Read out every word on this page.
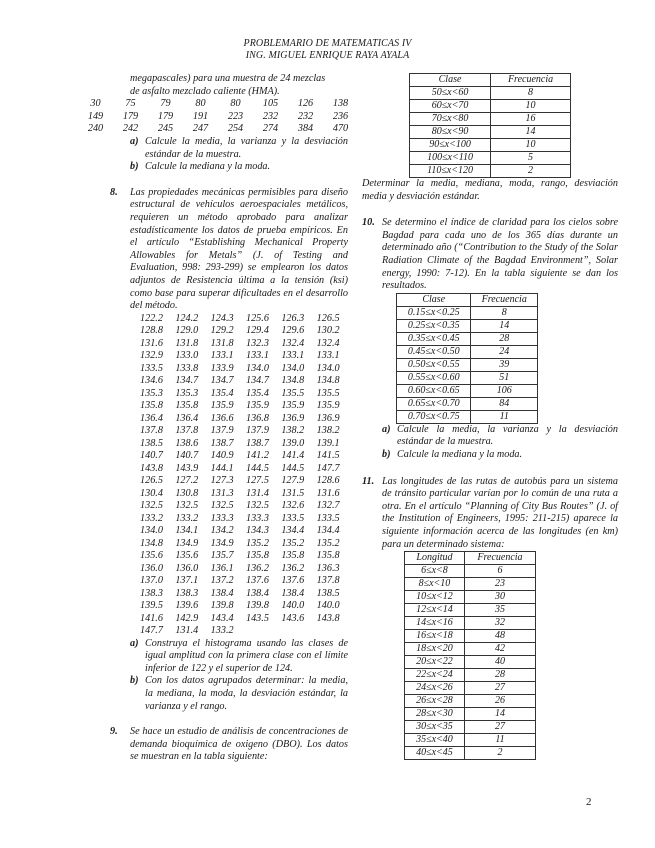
PROBLEMARIO DE MATEMATICAS IV
ING. MIGUEL ENRIQUE RAYA AYALA
megapascales) para una muestra de 24 mezclas
de asfalto mezclado caliente (HMA).
30	75	79	80	80	105	126	138
149	179	179	191	223	232	232	236
240	242	245	247	254	274	384	470
a) Calcule la media, la varianza y la desviación estándar de la muestra.
b) Calcule la mediana y la moda.
8. Las propiedades mecánicas permisibles para diseño estructural de vehículos aeroespaciales metálicos, requieren un método aprobado para analizar estadísticamente los datos de prueba empíricos. En el artículo “Establishing Mechanical Property Allowables for Metals” (J. of Testing and Evaluation, 998: 293-299) se emplearon los datos adjuntos de Resistencia última a la tensión (ksi) como base para superar dificultades en el desarrollo del método.
122.2	124.2	124.3	125.6	126.3	126.5
128.8	129.0	129.2	129.4	129.6	130.2
131.6	131.8	131.8	132.3	132.4	132.4
132.9	133.0	133.1	133.1	133.1	133.1
133.5	133.8	133.9	134.0	134.0	134.0
134.6	134.7	134.7	134.7	134.8	134.8
135.3	135.3	135.4	135.4	135.5	135.5
135.8	135.8	135.9	135.9	135.9	135.9
136.4	136.4	136.6	136.8	136.9	136.9
137.8	137.8	137.9	137.9	138.2	138.2
138.5	138.6	138.7	138.7	139.0	139.1
140.7	140.7	140.9	141.2	141.4	141.5
143.8	143.9	144.1	144.5	144.5	147.7
126.5	127.2	127.3	127.5	127.9	128.6
130.4	130.8	131.3	131.4	131.5	131.6
132.5	132.5	132.5	132.5	132.6	132.7
133.2	133.2	133.3	133.3	133.5	133.5
134.0	134.1	134.2	134.3	134.4	134.4
134.8	134.9	134.9	135.2	135.2	135.2
135.6	135.6	135.7	135.8	135.8	135.8
136.0	136.0	136.1	136.2	136.2	136.3
137.0	137.1	137.2	137.6	137.6	137.8
138.3	138.3	138.4	138.4	138.4	138.5
139.5	139.6	139.8	139.8	140.0	140.0
141.6	142.9	143.4	143.5	143.6	143.8
147.7	131.4	133.2
a) Construya el histograma usando las clases de igual amplitud con la primera clase con el límite inferior de 122 y el superior de 124.
b) Con los datos agrupados determinar: la media, la mediana, la moda, la desviación estándar, la varianza y el rango.
9. Se hace un estudio de análisis de concentraciones de demanda bioquímica de oxigeno (DBO). Los datos se muestran en la tabla siguiente:
Clase	Frecuencia
50≤x<60	8
60≤x<70	10
70≤x<80	16
80≤x<90	14
90≤x<100	10
100≤x<110	5
110≤x<120	2
Determinar la media, mediana, moda, rango, desviación media y desviación estándar.
10. Se determino el índice de claridad para los cielos sobre Bagdad para cada uno de los 365 días durante un determinado año (“Contribution to the Study of the Solar Radiation Climate of the Bagdad Environment”, Solar energy, 1990: 7-12). En la tabla siguiente se dan los resultados.
Clase	Frecuencia
0.15≤x<0.25	8
0.25≤x<0.35	14
0.35≤x<0.45	28
0.45≤x<0.50	24
0.50≤x<0.55	39
0.55≤x<0.60	51
0.60≤x<0.65	106
0.65≤x<0.70	84
0.70≤x<0.75	11
a) Calcule la media, la varianza y la desviación estándar de la muestra.
b) Calcule la mediana y la moda.
11. Las longitudes de las rutas de autobús para un sistema de tránsito particular varían por lo común de una ruta a otra. En el artículo “Planning of City Bus Routes” (J. of the Institution of Engineers, 1995: 211-215) aparece la siguiente información acerca de las longitudes (en km) para un determinado sistema:
Longitud	Frecuencia
6≤x<8	6
8≤x<10	23
10≤x<12	30
12≤x<14	35
14≤x<16	32
16≤x<18	48
18≤x<20	42
20≤x<22	40
22≤x<24	28
24≤x<26	27
26≤x<28	26
28≤x<30	14
30≤x<35	27
35≤x<40	11
40≤x<45	2
2
